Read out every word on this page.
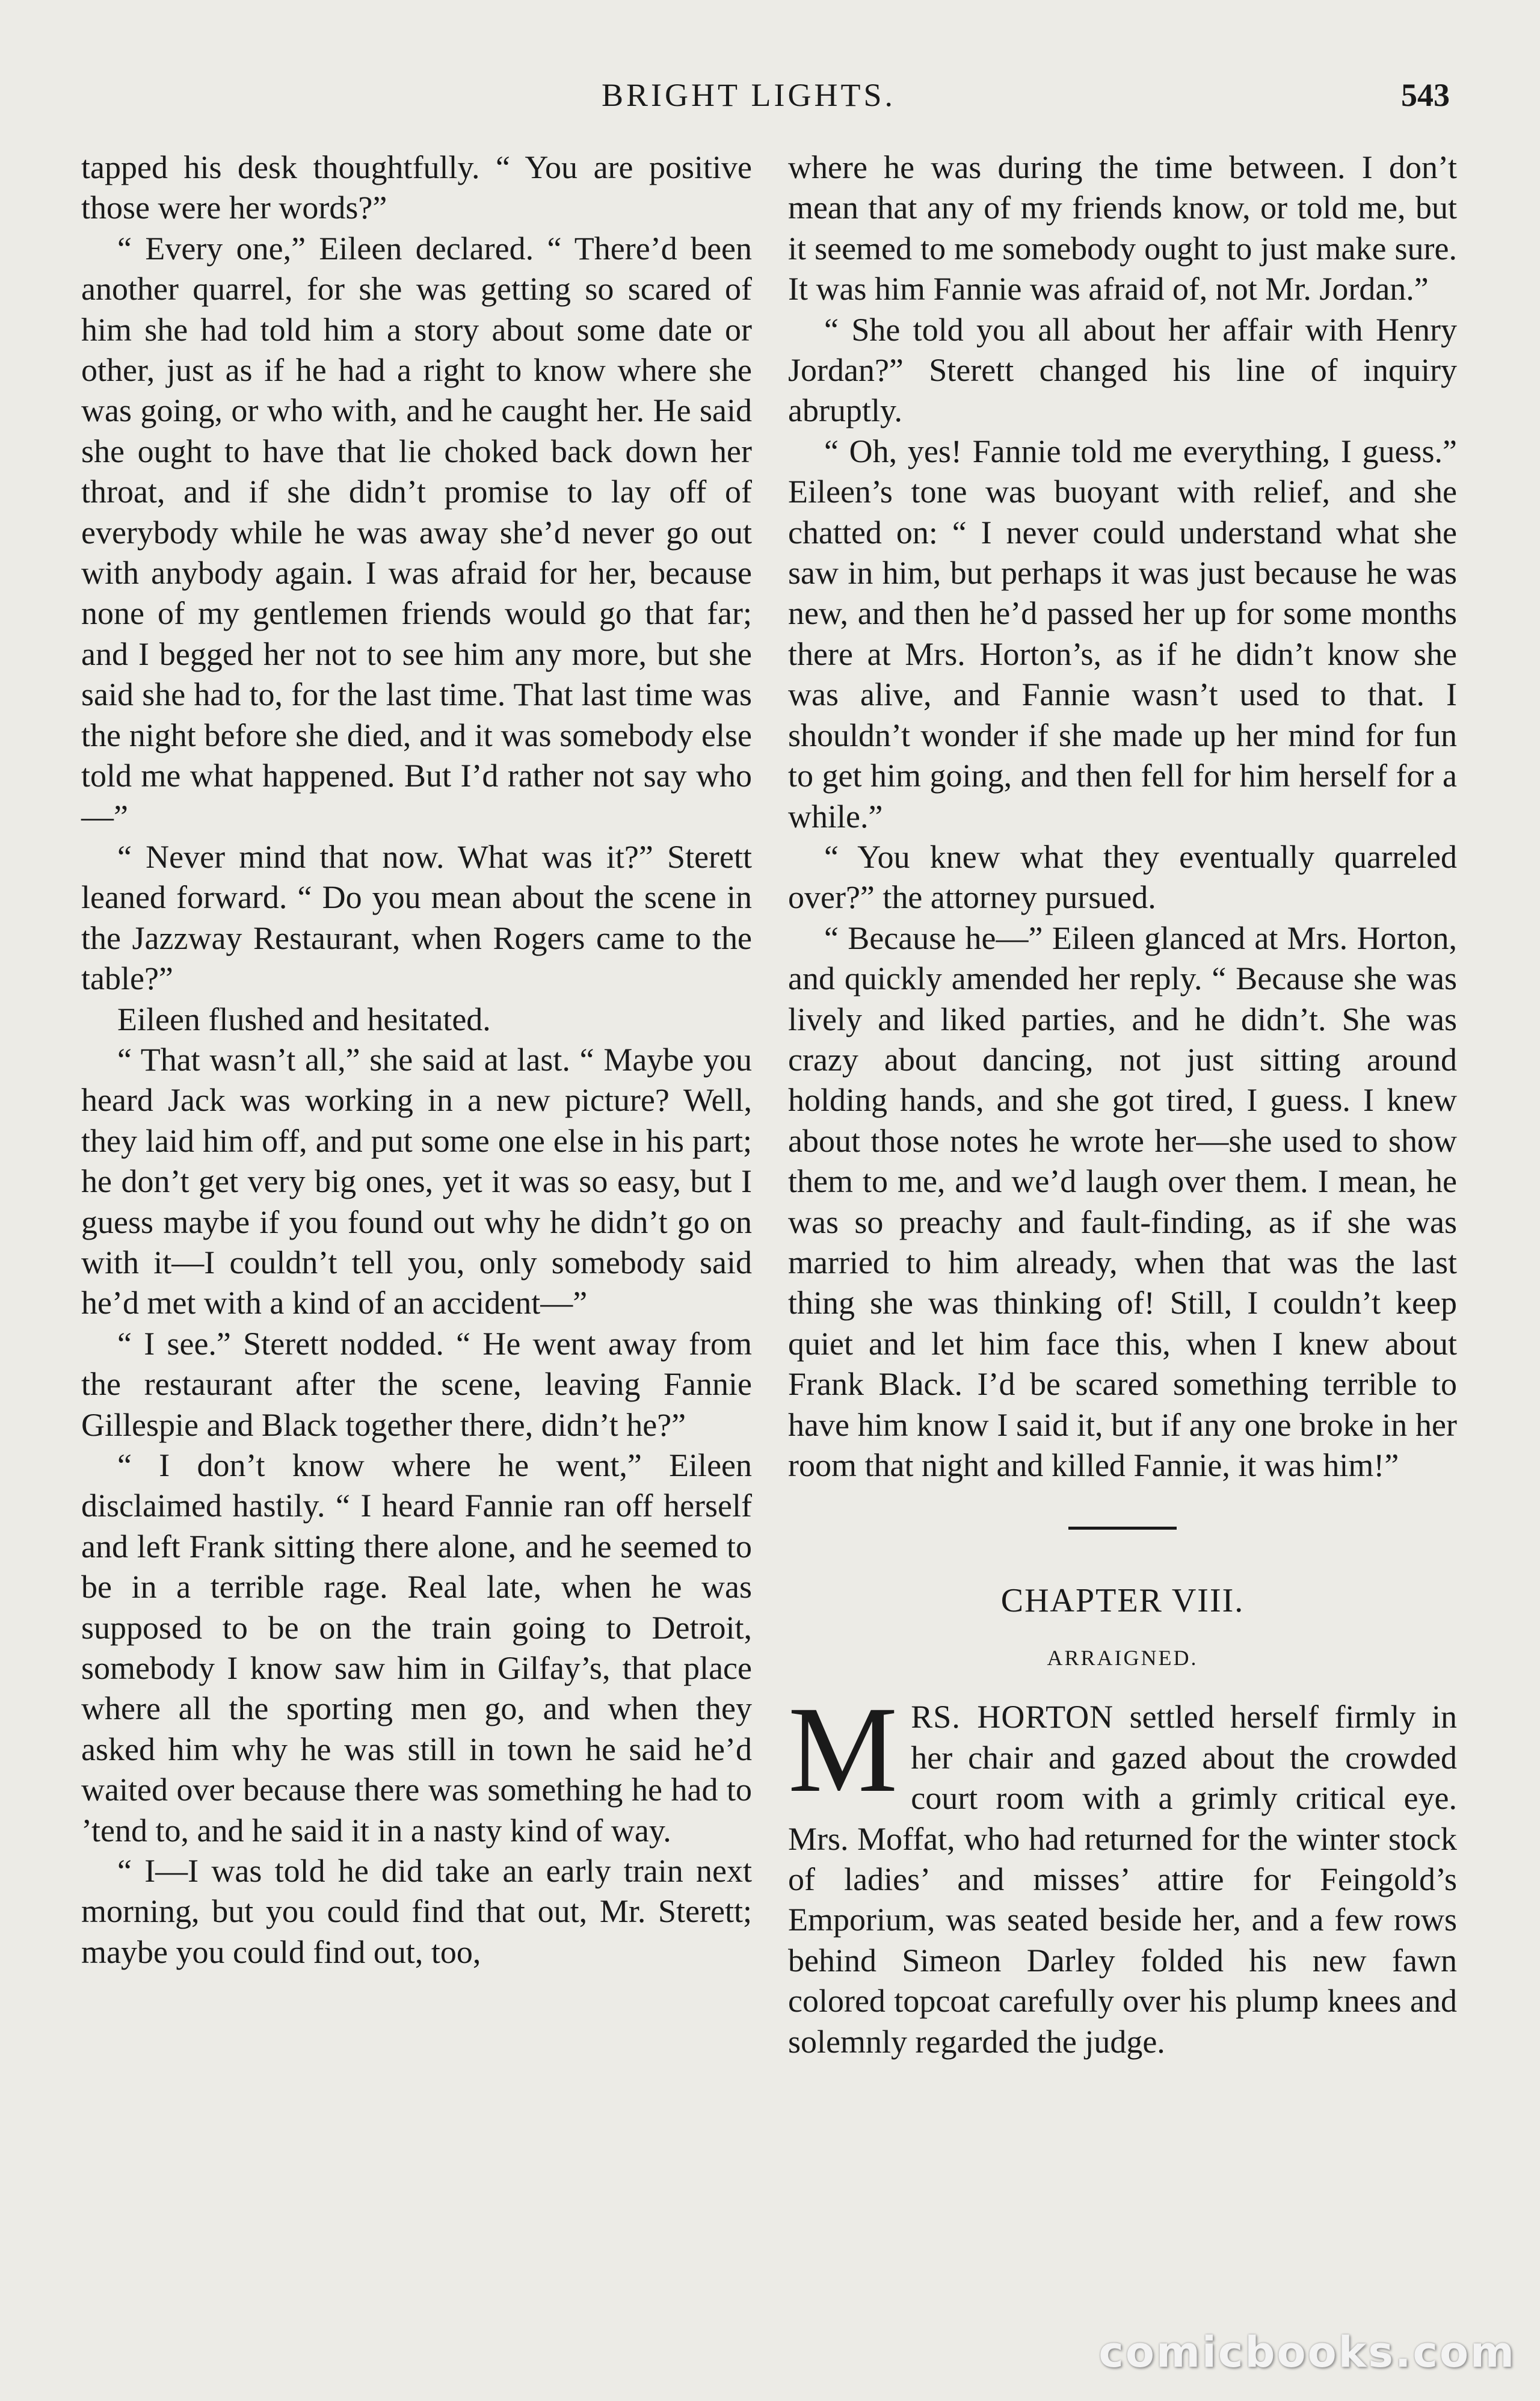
BRIGHT LIGHTS.	543

tapped his desk thoughtfully. “ You are positive those were her words?”

“ Every one,” Eileen declared. “ There’d been another quarrel, for she was getting so scared of him she had told him a story about some date or other, just as if he had a right to know where she was going, or who with, and he caught her. He said she ought to have that lie choked back down her throat, and if she didn’t promise to lay off of everybody while he was away she’d never go out with anybody again. I was afraid for her, because none of my gentlemen friends would go that far; and I begged her not to see him any more, but she said she had to, for the last time. That last time was the night before she died, and it was somebody else told me what happened. But I’d rather not say who—”

“ Never mind that now. What was it?” Sterett leaned forward. “ Do you mean about the scene in the Jazzway Restaurant, when Rogers came to the table?”

Eileen flushed and hesitated.

“ That wasn’t all,” she said at last. “ Maybe you heard Jack was working in a new picture? Well, they laid him off, and put some one else in his part; he don’t get very big ones, yet it was so easy, but I guess maybe if you found out why he didn’t go on with it—I couldn’t tell you, only somebody said he’d met with a kind of an accident—”

“ I see.” Sterett nodded. “ He went away from the restaurant after the scene, leaving Fannie Gillespie and Black together there, didn’t he?”

“ I don’t know where he went,” Eileen disclaimed hastily. “ I heard Fannie ran off herself and left Frank sitting there alone, and he seemed to be in a terrible rage. Real late, when he was supposed to be on the train going to Detroit, somebody I know saw him in Gilfay’s, that place where all the sporting men go, and when they asked him why he was still in town he said he’d waited over because there was something he had to ’tend to, and he said it in a nasty kind of way.

“ I—I was told he did take an early train next morning, but you could find that out, Mr. Sterett; maybe you could find out, too,

where he was during the time between. I don’t mean that any of my friends know, or told me, but it seemed to me somebody ought to just make sure. It was him Fannie was afraid of, not Mr. Jordan.”

“ She told you all about her affair with Henry Jordan?” Sterett changed his line of inquiry abruptly.

“ Oh, yes! Fannie told me everything, I guess.” Eileen’s tone was buoyant with relief, and she chatted on: “ I never could understand what she saw in him, but perhaps it was just because he was new, and then he’d passed her up for some months there at Mrs. Horton’s, as if he didn’t know she was alive, and Fannie wasn’t used to that. I shouldn’t wonder if she made up her mind for fun to get him going, and then fell for him herself for a while.”

“ You knew what they eventually quarreled over?” the attorney pursued.

“ Because he—” Eileen glanced at Mrs. Horton, and quickly amended her reply. “ Because she was lively and liked parties, and he didn’t. She was crazy about dancing, not just sitting around holding hands, and she got tired, I guess. I knew about those notes he wrote her—she used to show them to me, and we’d laugh over them. I mean, he was so preachy and fault-finding, as if she was married to him already, when that was the last thing she was thinking of! Still, I couldn’t keep quiet and let him face this, when I knew about Frank Black. I’d be scared something terrible to have him know I said it, but if any one broke in her room that night and killed Fannie, it was him!”

CHAPTER VIII.
ARRAIGNED.

MRS. HORTON settled herself firmly in her chair and gazed about the crowded court room with a grimly critical eye. Mrs. Moffat, who had returned for the winter stock of ladies’ and misses’ attire for Feingold’s Emporium, was seated beside her, and a few rows behind Simeon Darley folded his new fawn colored topcoat carefully over his plump knees and solemnly regarded the judge.

comicbooks.com
